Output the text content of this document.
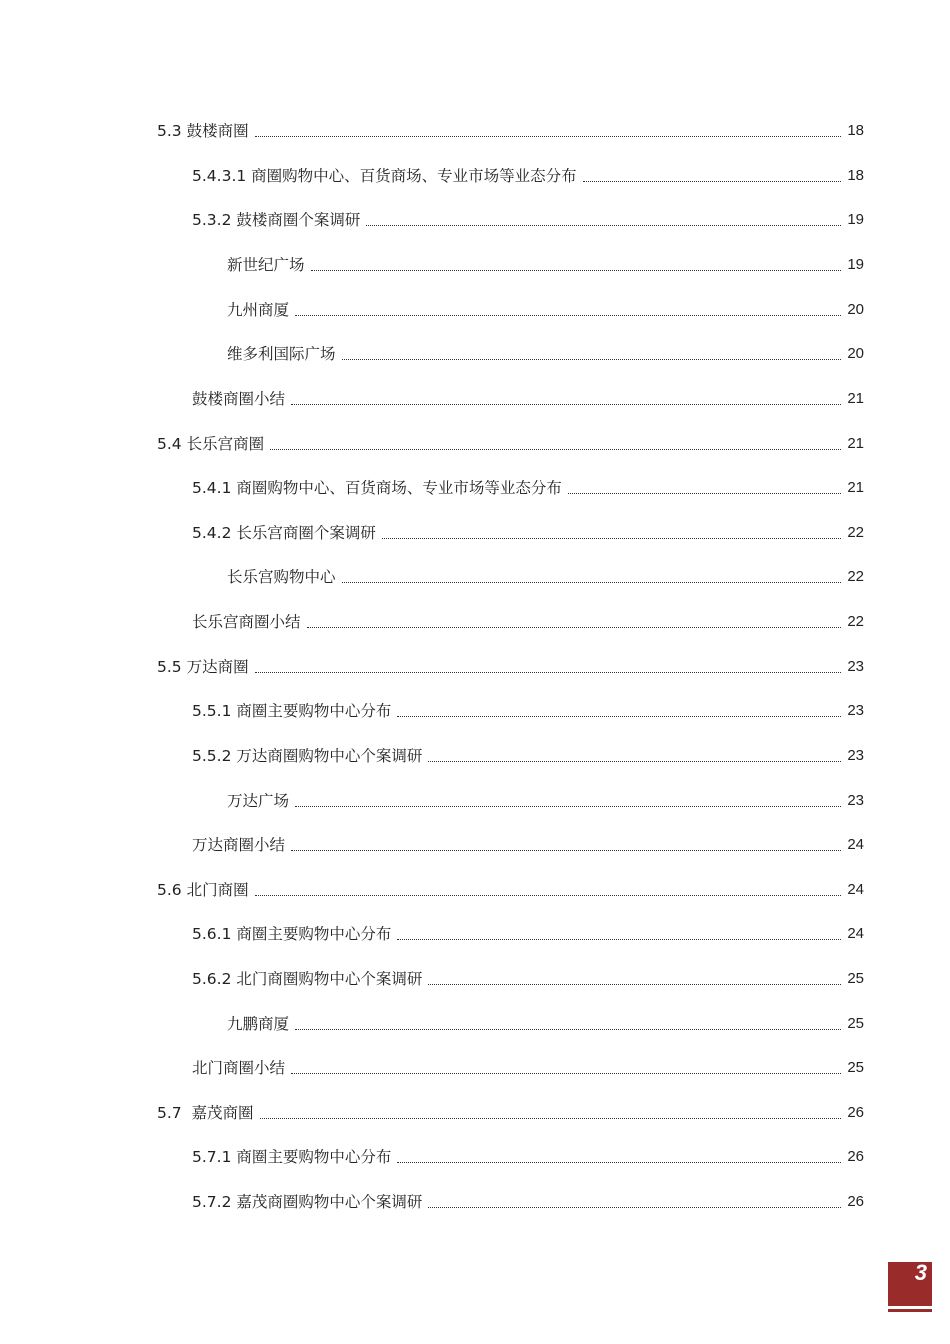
5.3 鼓楼商圈	18
5.4.3.1 商圈购物中心、百货商场、专业市场等业态分布	18
5.3.2 鼓楼商圈个案调研	19
新世纪广场	19
九州商厦	20
维多利国际广场	20
鼓楼商圈小结	21
5.4 长乐宫商圈	21
5.4.1 商圈购物中心、百货商场、专业市场等业态分布	21
5.4.2 长乐宫商圈个案调研	22
长乐宫购物中心	22
长乐宫商圈小结	22
5.5 万达商圈	23
5.5.1 商圈主要购物中心分布	23
5.5.2 万达商圈购物中心个案调研	23
万达广场	23
万达商圈小结	24
5.6 北门商圈	24
5.6.1 商圈主要购物中心分布	24
5.6.2 北门商圈购物中心个案调研	25
九鹏商厦	25
北门商圈小结	25
5.7  嘉茂商圈	26
5.7.1 商圈主要购物中心分布	26
5.7.2 嘉茂商圈购物中心个案调研	26
3
